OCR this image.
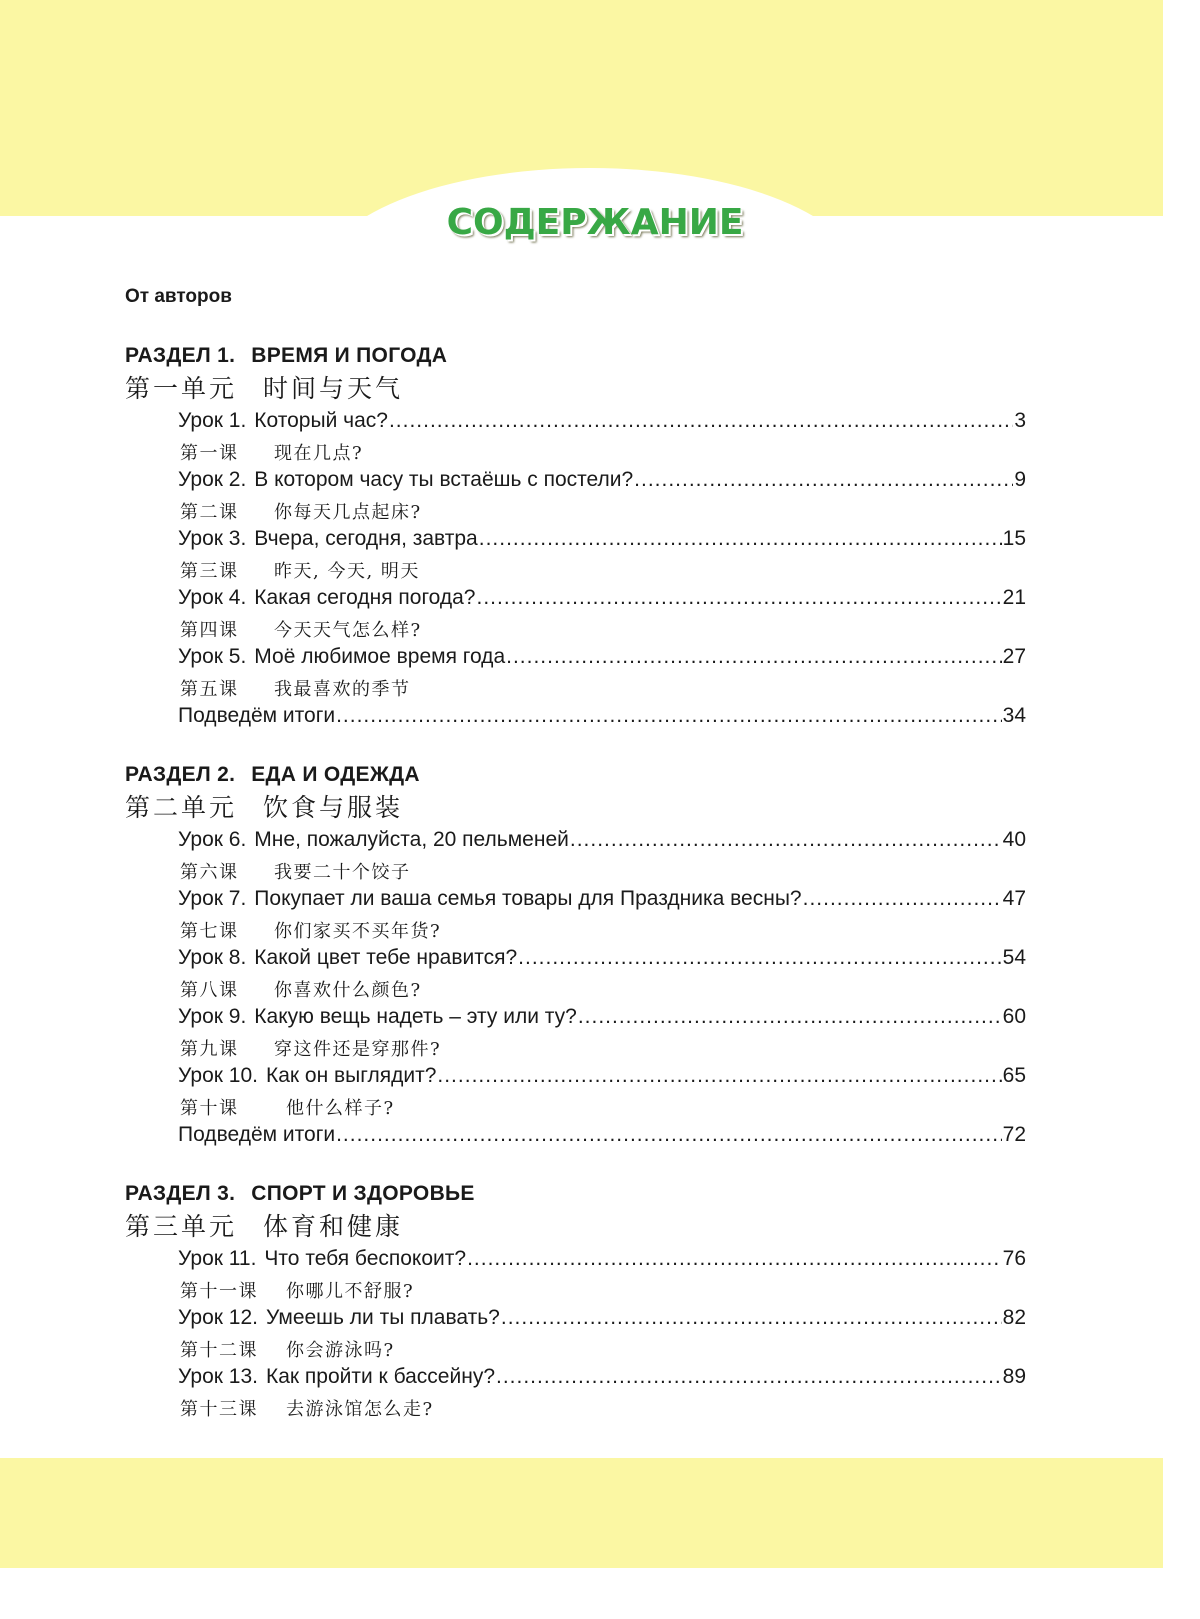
СОДЕРЖАНИЕ
От авторов
РАЗДЕЛ 1. ВРЕМЯ И ПОГОДА
第一单元 时间与天气
Урок 1. Который час? .....	3
第一课 现在几点?
Урок 2. В котором часу ты встаёшь с постели? .....	9
第二课 你每天几点起床?
Урок 3. Вчера, сегодня, завтра .....	15
第三课 昨天, 今天, 明天
Урок 4. Какая сегодня погода? .....	21
第四课 今天天气怎么样?
Урок 5. Моё любимое время года .....	27
第五课 我最喜欢的季节
Подведём итоги .....	34
РАЗДЕЛ 2. ЕДА И ОДЕЖДА
第二单元 饮食与服装
Урок 6. Мне, пожалуйста, 20 пельменей .....	40
第六课 我要二十个饺子
Урок 7. Покупает ли ваша семья товары для Праздника весны? .....	47
第七课 你们家买不买年货?
Урок 8. Какой цвет тебе нравится? .....	54
第八课 你喜欢什么颜色?
Урок 9. Какую вещь надеть – эту или ту? .....	60
第九课 穿这件还是穿那件?
Урок 10. Как он выглядит? .....	65
第十课	他什么样子?
Подведём итоги .....	72
РАЗДЕЛ 3. СПОРТ И ЗДОРОВЬЕ
第三单元 体育和健康
Урок 11. Что тебя беспокоит? .....	76
第十一课 你哪儿不舒服?
Урок 12. Умеешь ли ты плавать? .....	82
第十二课 你会游泳吗?
Урок 13. Как пройти к бассейну? .....	89
第十三课 去游泳馆怎么走?
